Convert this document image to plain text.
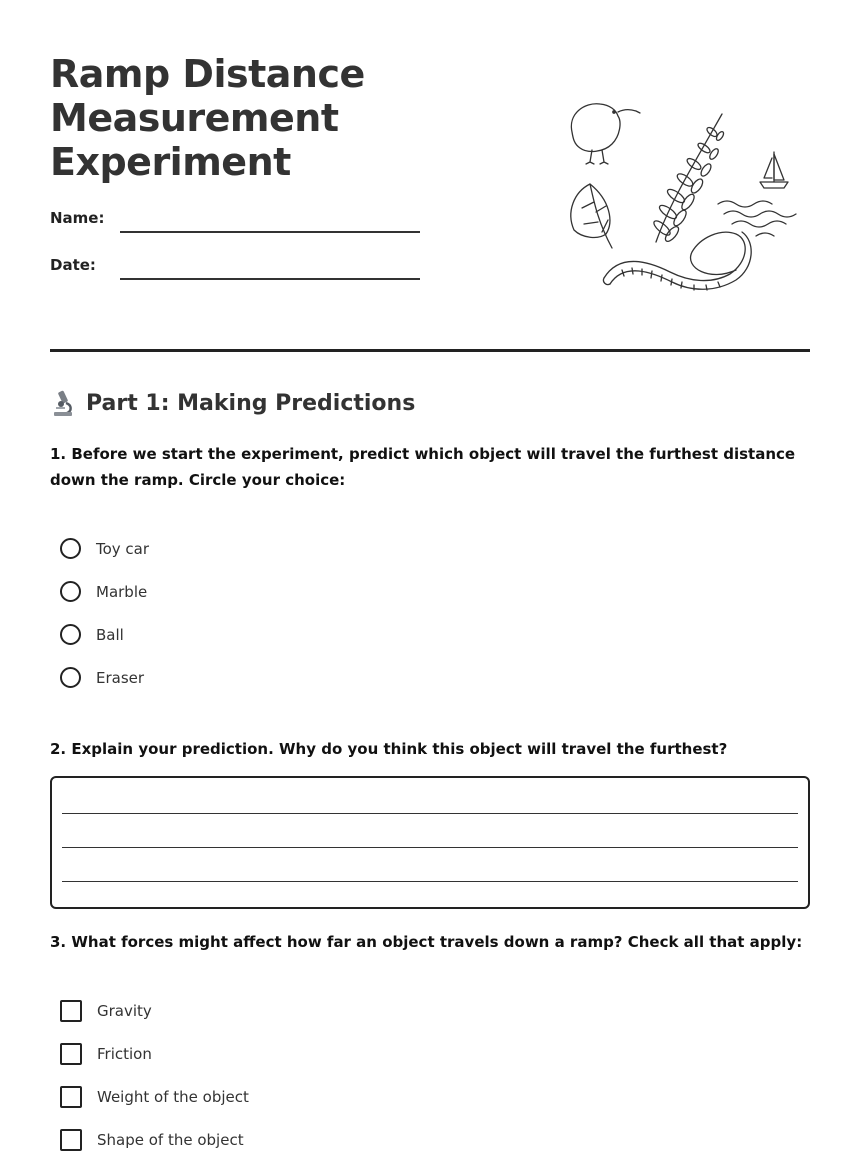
Ramp Distance
Measurement
Experiment
Name:
Date:
Part 1: Making Predictions

1. Before we start the experiment, predict which object will travel the furthest distance down the ramp. Circle your choice:

Toy car
Marble
Ball
Eraser

2. Explain your prediction. Why do you think this object will travel the furthest?

3. What forces might affect how far an object travels down a ramp? Check all that apply:

Gravity
Friction
Weight of the object
Shape of the object
